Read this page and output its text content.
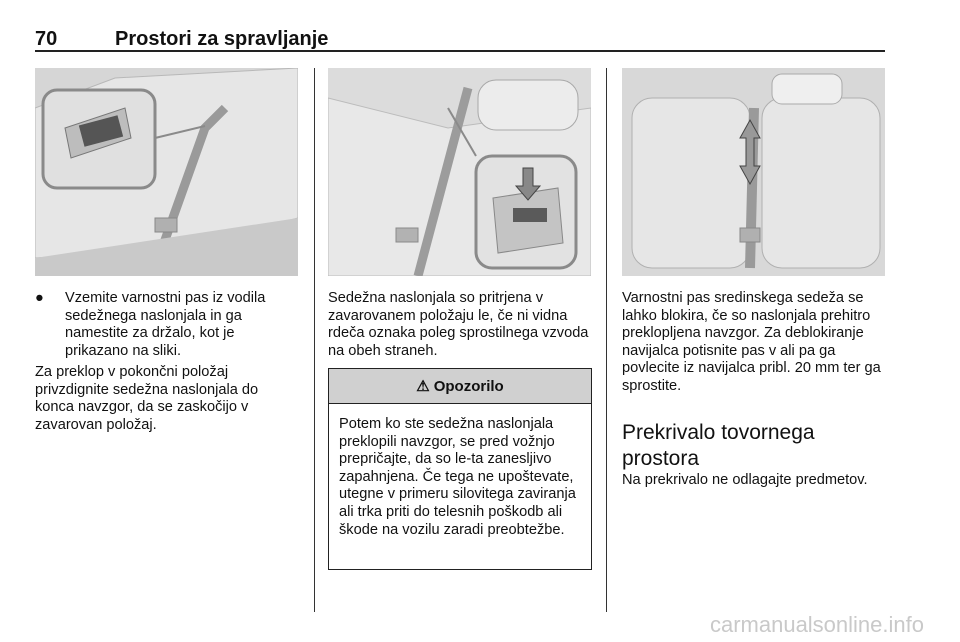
70	Prostori za spravljanje
● Vzemite varnostni pas iz vodila sedežnega naslonjala in ga namestite za držalo, kot je prikazano na sliki.

Za preklop v pokončni položaj privzdignite sedežna naslonjala do konca navzgor, da se zaskočijo v zavarovan položaj.

Sedežna naslonjala so pritrjena v zavarovanem položaju le, če ni vidna rdeča oznaka poleg sprostilnega vzvoda na obeh straneh.

⚠ Opozorilo
Potem ko ste sedežna naslonjala preklopili navzgor, se pred vožnjo prepričajte, da so le-ta zanesljivo zapahnjena. Če tega ne upoštevate, utegne v primeru silovitega zaviranja ali trka priti do telesnih poškodb ali škode na vozilu zaradi preobtežbe.

Varnostni pas sredinskega sedeža se lahko blokira, če so naslonjala prehitro preklopljena navzgor. Za deblokiranje navijalca potisnite pas v ali pa ga povlecite iz navijalca pribl. 20 mm ter ga sprostite.

Prekrivalo tovornega prostora

Na prekrivalo ne odlagajte predmetov.

carmanualsonline.info
